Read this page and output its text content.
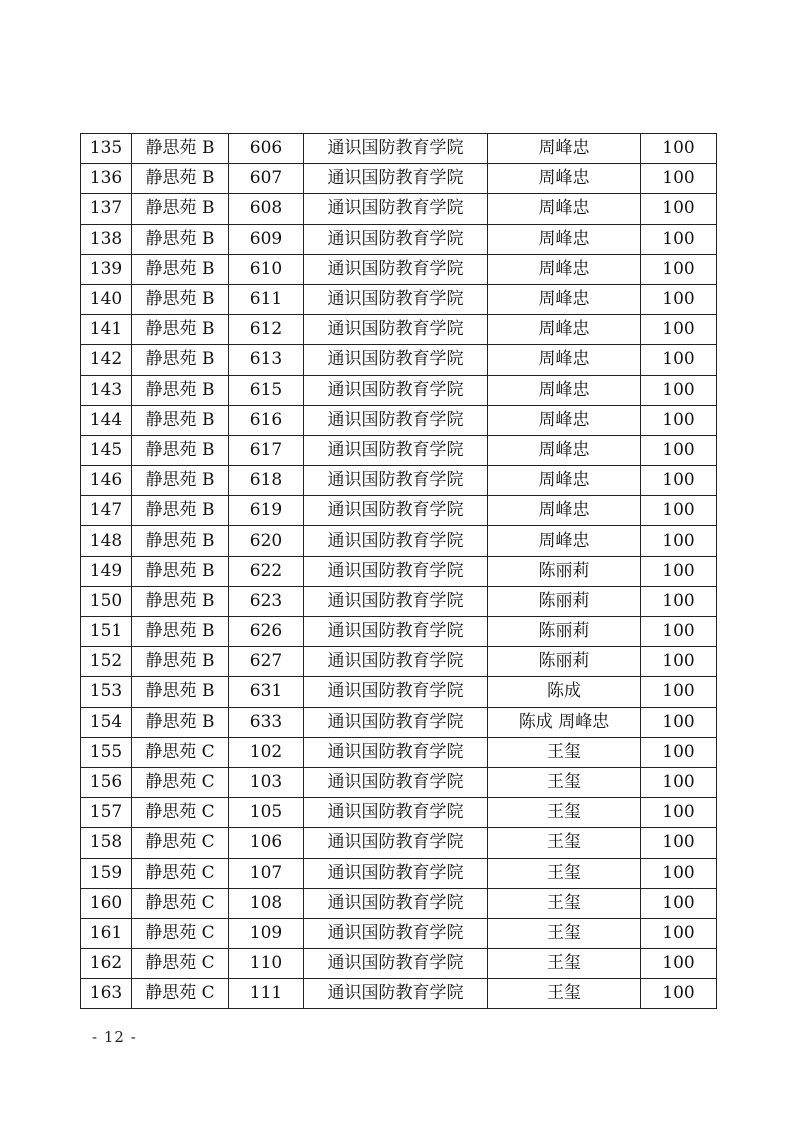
135	静思苑 B	606	通识国防教育学院	周峰忠	100
136	静思苑 B	607	通识国防教育学院	周峰忠	100
137	静思苑 B	608	通识国防教育学院	周峰忠	100
138	静思苑 B	609	通识国防教育学院	周峰忠	100
139	静思苑 B	610	通识国防教育学院	周峰忠	100
140	静思苑 B	611	通识国防教育学院	周峰忠	100
141	静思苑 B	612	通识国防教育学院	周峰忠	100
142	静思苑 B	613	通识国防教育学院	周峰忠	100
143	静思苑 B	615	通识国防教育学院	周峰忠	100
144	静思苑 B	616	通识国防教育学院	周峰忠	100
145	静思苑 B	617	通识国防教育学院	周峰忠	100
146	静思苑 B	618	通识国防教育学院	周峰忠	100
147	静思苑 B	619	通识国防教育学院	周峰忠	100
148	静思苑 B	620	通识国防教育学院	周峰忠	100
149	静思苑 B	622	通识国防教育学院	陈丽莉	100
150	静思苑 B	623	通识国防教育学院	陈丽莉	100
151	静思苑 B	626	通识国防教育学院	陈丽莉	100
152	静思苑 B	627	通识国防教育学院	陈丽莉	100
153	静思苑 B	631	通识国防教育学院	陈成	100
154	静思苑 B	633	通识国防教育学院	陈成 周峰忠	100
155	静思苑 C	102	通识国防教育学院	王玺	100
156	静思苑 C	103	通识国防教育学院	王玺	100
157	静思苑 C	105	通识国防教育学院	王玺	100
158	静思苑 C	106	通识国防教育学院	王玺	100
159	静思苑 C	107	通识国防教育学院	王玺	100
160	静思苑 C	108	通识国防教育学院	王玺	100
161	静思苑 C	109	通识国防教育学院	王玺	100
162	静思苑 C	110	通识国防教育学院	王玺	100
163	静思苑 C	111	通识国防教育学院	王玺	100
- 12 -
